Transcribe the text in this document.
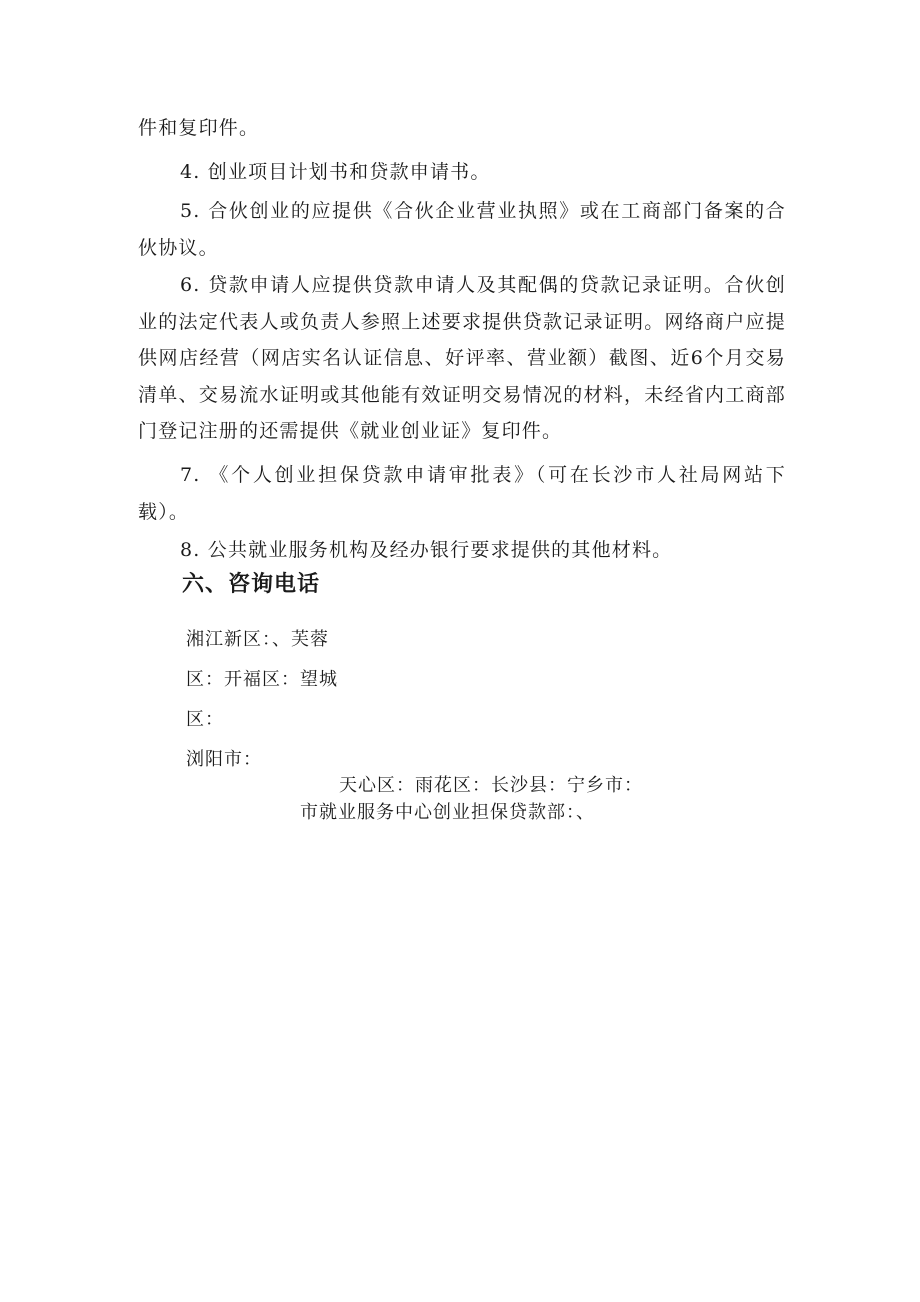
件和复印件。

4. 创业项目计划书和贷款申请书。

5. 合伙创业的应提供《合伙企业营业执照》或在工商部门备案的合伙协议。

6. 贷款申请人应提供贷款申请人及其配偶的贷款记录证明。合伙创业的法定代表人或负责人参照上述要求提供贷款记录证明。网络商户应提供网店经营（网店实名认证信息、好评率、营业额）截图、近6个月交易清单、交易流水证明或其他能有效证明交易情况的材料，未经省内工商部门登记注册的还需提供《就业创业证》复印件。

7. 《个人创业担保贷款申请审批表》（可在长沙市人社局网站下载）。

8. 公共就业服务机构及经办银行要求提供的其他材料。

六、咨询电话

湘江新区：、芙蓉

区：开福区：望城

区：

浏阳市：

天心区：雨花区：长沙县：宁乡市：

市就业服务中心创业担保贷款部：、
